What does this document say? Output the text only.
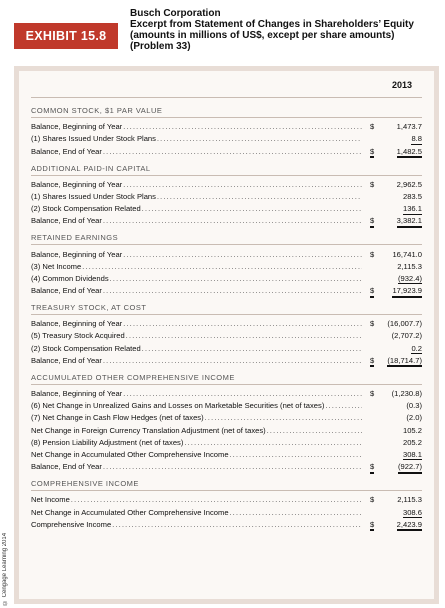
© Cengage Learning 2014
EXHIBIT 15.8
Busch Corporation
Excerpt from Statement of Changes in Shareholders’ Equity
(amounts in millions of US$, except per share amounts)
(Problem 33)
2013
COMMON STOCK, $1 PAR VALUE
Balance, Beginning of Year .....	$	1,473.7
(1) Shares Issued Under Stock Plans .....	8.8
Balance, End of Year .....	$	1,482.5
ADDITIONAL PAID-IN CAPITAL
Balance, Beginning of Year .....	$	2,962.5
(1) Shares Issued Under Stock Plans .....	283.5
(2) Stock Compensation Related .....	136.1
Balance, End of Year .....	$	3,382.1
RETAINED EARNINGS
Balance, Beginning of Year .....	$ 16,741.0
(3) Net Income .....	2,115.3
(4) Common Dividends .....	(932.4)
Balance, End of Year .....	$ 17,923.9
TREASURY STOCK, AT COST
Balance, Beginning of Year .....	$ (16,007.7)
(5) Treasury Stock Acquired .....	(2,707.2)
(2) Stock Compensation Related .....	0.2
Balance, End of Year .....	$ (18,714.7)
ACCUMULATED OTHER COMPREHENSIVE INCOME
Balance, Beginning of Year .....	$ (1,230.8)
(6) Net Change in Unrealized Gains and Losses on Marketable Securities (net of taxes) .....	(0.3)
(7) Net Change in Cash Flow Hedges (net of taxes) .....	(2.0)
Net Change in Foreign Currency Translation Adjustment (net of taxes) .....	105.2
(8) Pension Liability Adjustment (net of taxes) .....	205.2
Net Change in Accumulated Other Comprehensive Income .....	308.1
Balance, End of Year .....	$	(922.7)
COMPREHENSIVE INCOME
Net Income .....	$	2,115.3
Net Change in Accumulated Other Comprehensive Income .....	308.6
Comprehensive Income .....	$	2,423.9
